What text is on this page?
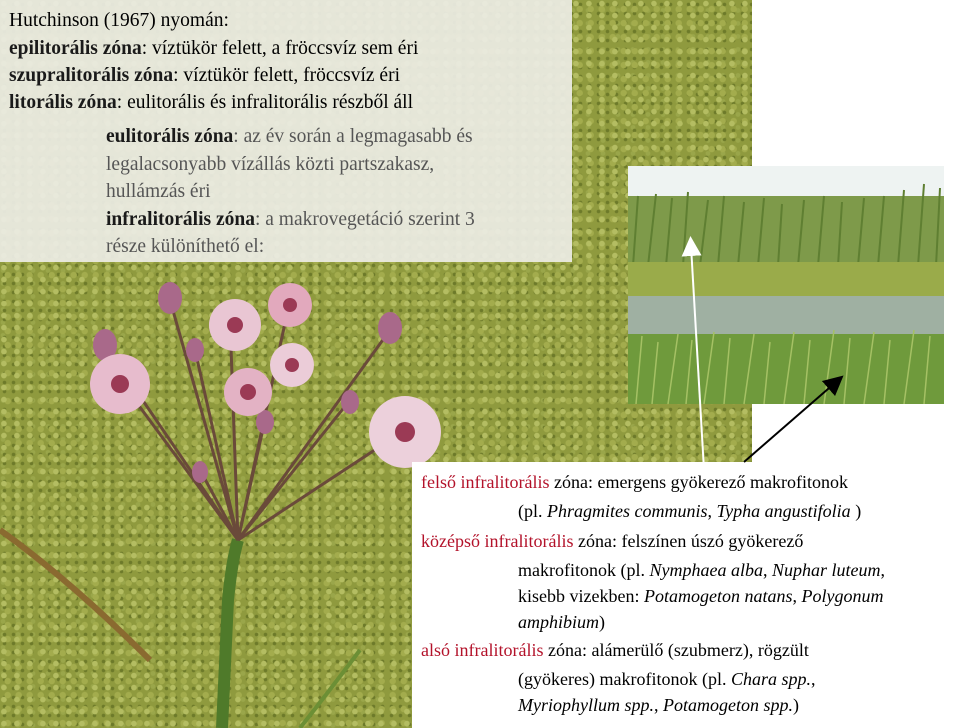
Hutchinson (1967) nyomán:
epilitorális zóna: víztükör felett, a fröccsvíz sem éri
szupralitorális zóna: víztükör felett, fröccsvíz éri
litorális zóna: eulitorális és infralitorális részből áll
eulitorális zóna: az év során a legmagasabb és
legalacsonyabb vízállás közti partszakasz,
hullámzás éri
infralitorális zóna: a makrovegetáció szerint 3
része különíthető el:
felső infralitorális zóna: emergens gyökerező makrofitonok
(pl. Phragmites communis, Typha angustifolia )
középső infralitorális zóna: felszínen úszó gyökerező
makrofitonok (pl. Nymphaea alba, Nuphar luteum,
kisebb vizekben: Potamogeton natans, Polygonum
amphibium)
alsó infralitorális zóna: alámerülő (szubmerz), rögzült
(gyökeres) makrofitonok (pl. Chara spp.,
Myriophyllum spp., Potamogeton spp.)
